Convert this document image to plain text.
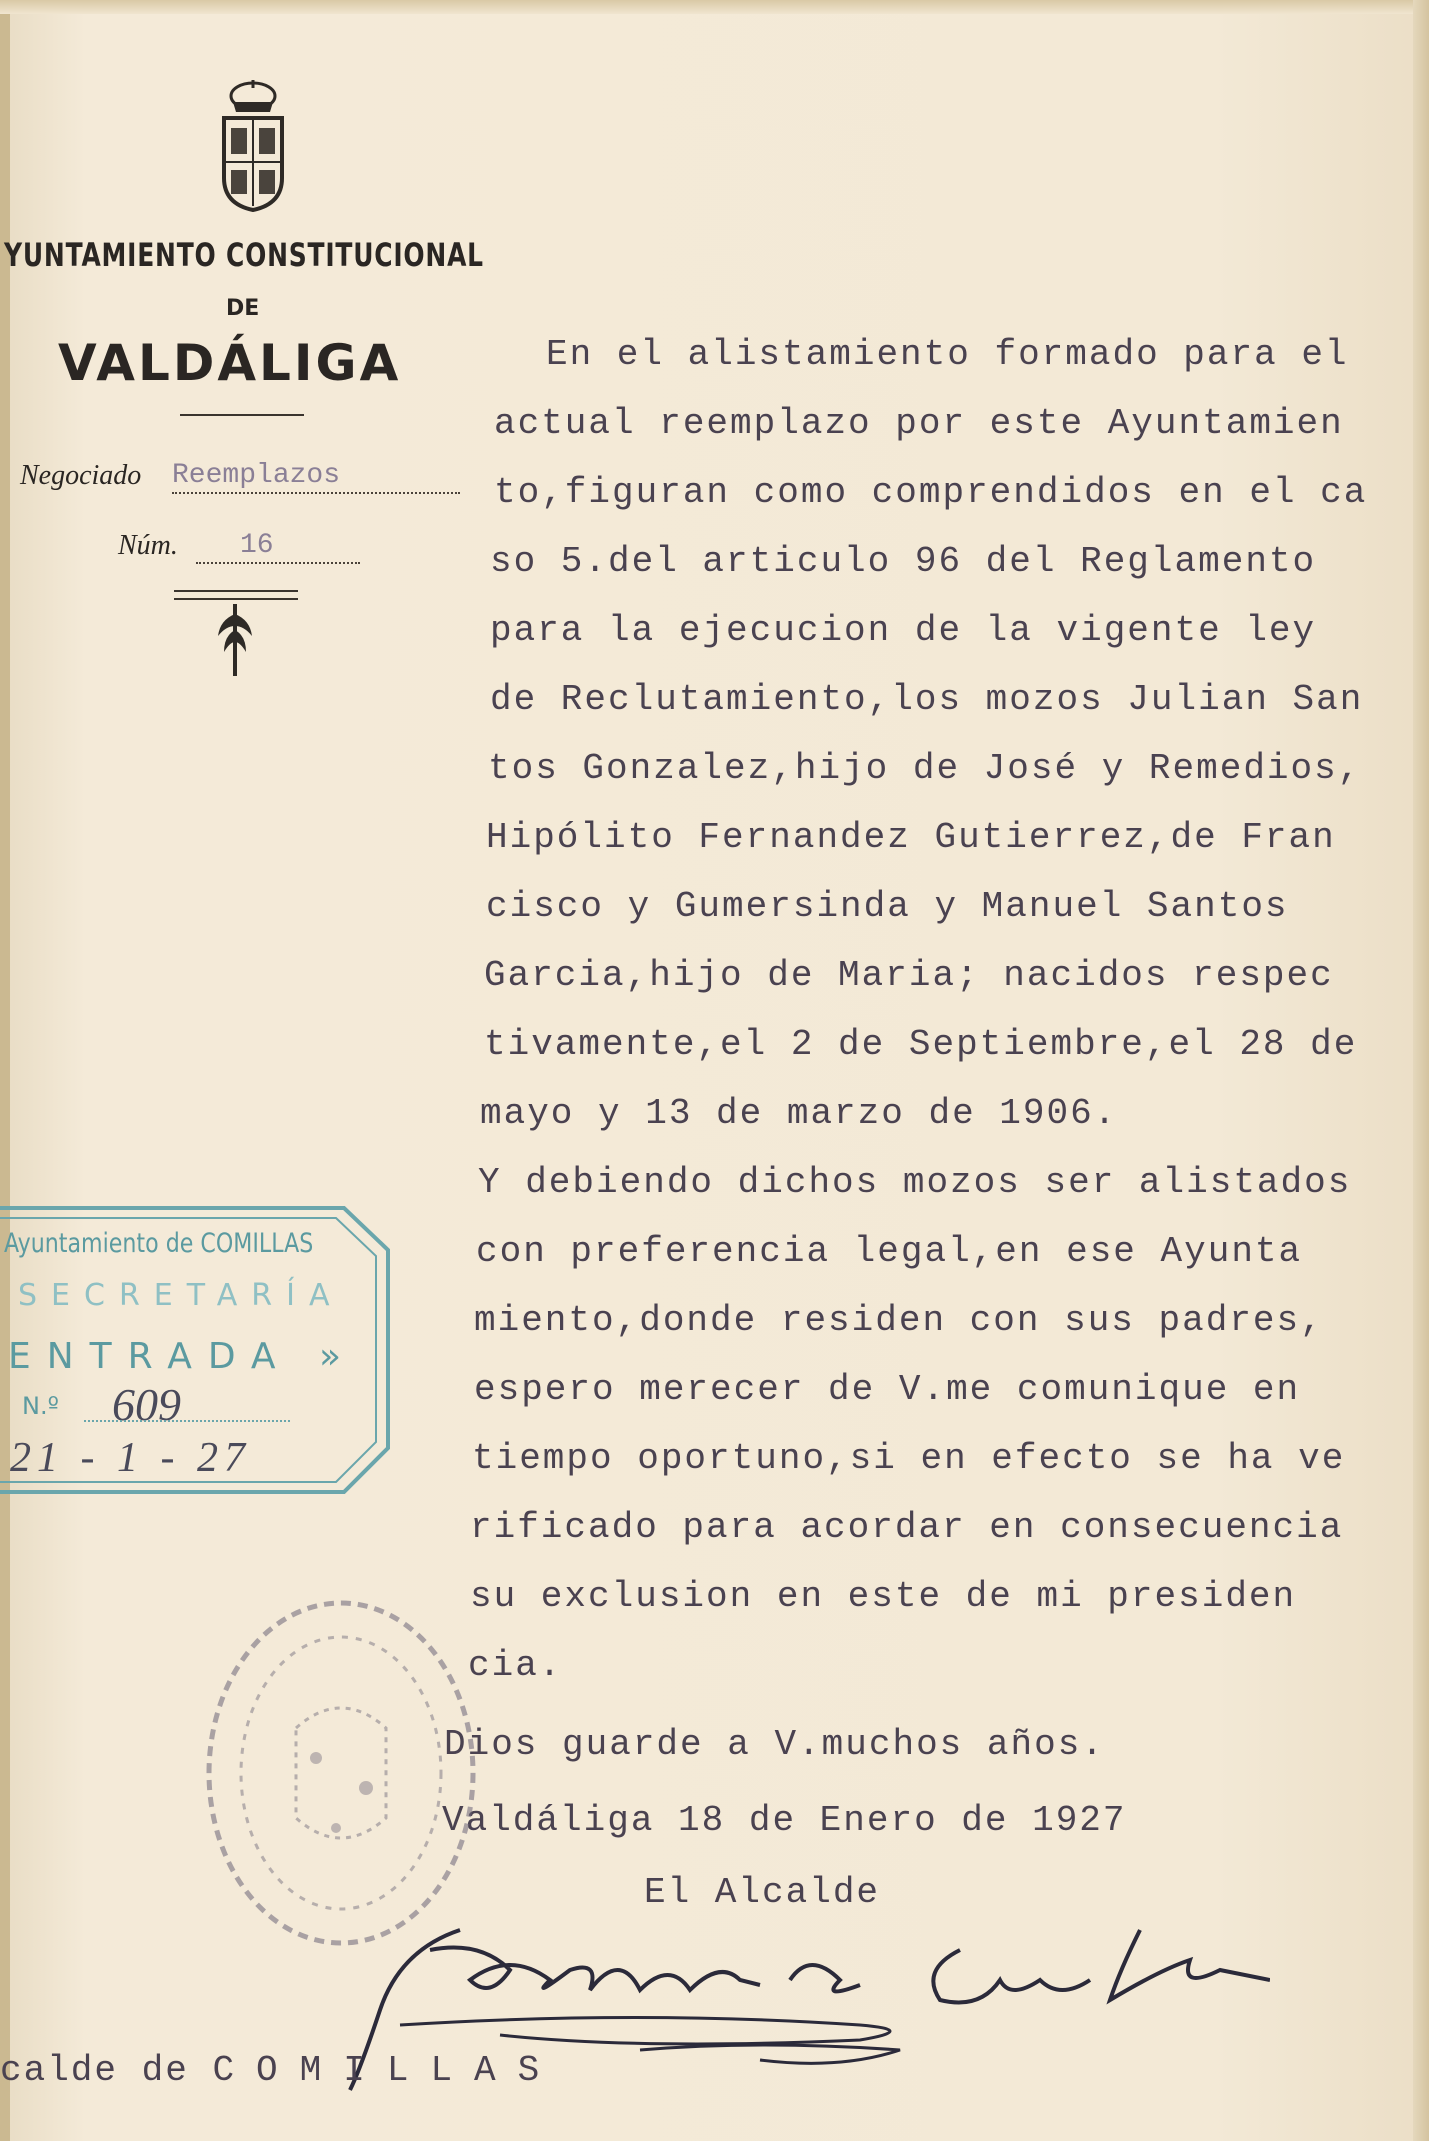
YUNTAMIENTO CONSTITUCIONAL
DE
VALDÁLIGA
Negociado Reemplazos
Núm. 16
En el alistamiento formado para el
actual reemplazo por este Ayuntamien
to,figuran como comprendidos en el ca
so 5.del articulo 96 del Reglamento
para la ejecucion de la vigente ley
de Reclutamiento,los mozos Julian San
tos Gonzalez,hijo de José y Remedios,
Hipólito Fernandez Gutierrez,de Fran
cisco y Gumersinda y Manuel Santos
Garcia,hijo de Maria; nacidos respec
tivamente,el 2 de Septiembre,el 28 de
mayo y 13 de marzo de 1906.
Y debiendo dichos mozos ser alistados
con preferencia legal,en ese Ayunta
miento,donde residen con sus padres,
espero merecer de V.me comunique en
tiempo oportuno,si en efecto se ha ve
rificado para acordar en consecuencia
su exclusion en este de mi presiden
cia.
Dios guarde a V.muchos años.
Valdáliga 18 de Enero de 1927
El Alcalde
Ayuntamiento de COMILLAS
SECRETARÍA
ENTRADA »
N.º 609
21 - 1 - 27
calde de COMILLAS
